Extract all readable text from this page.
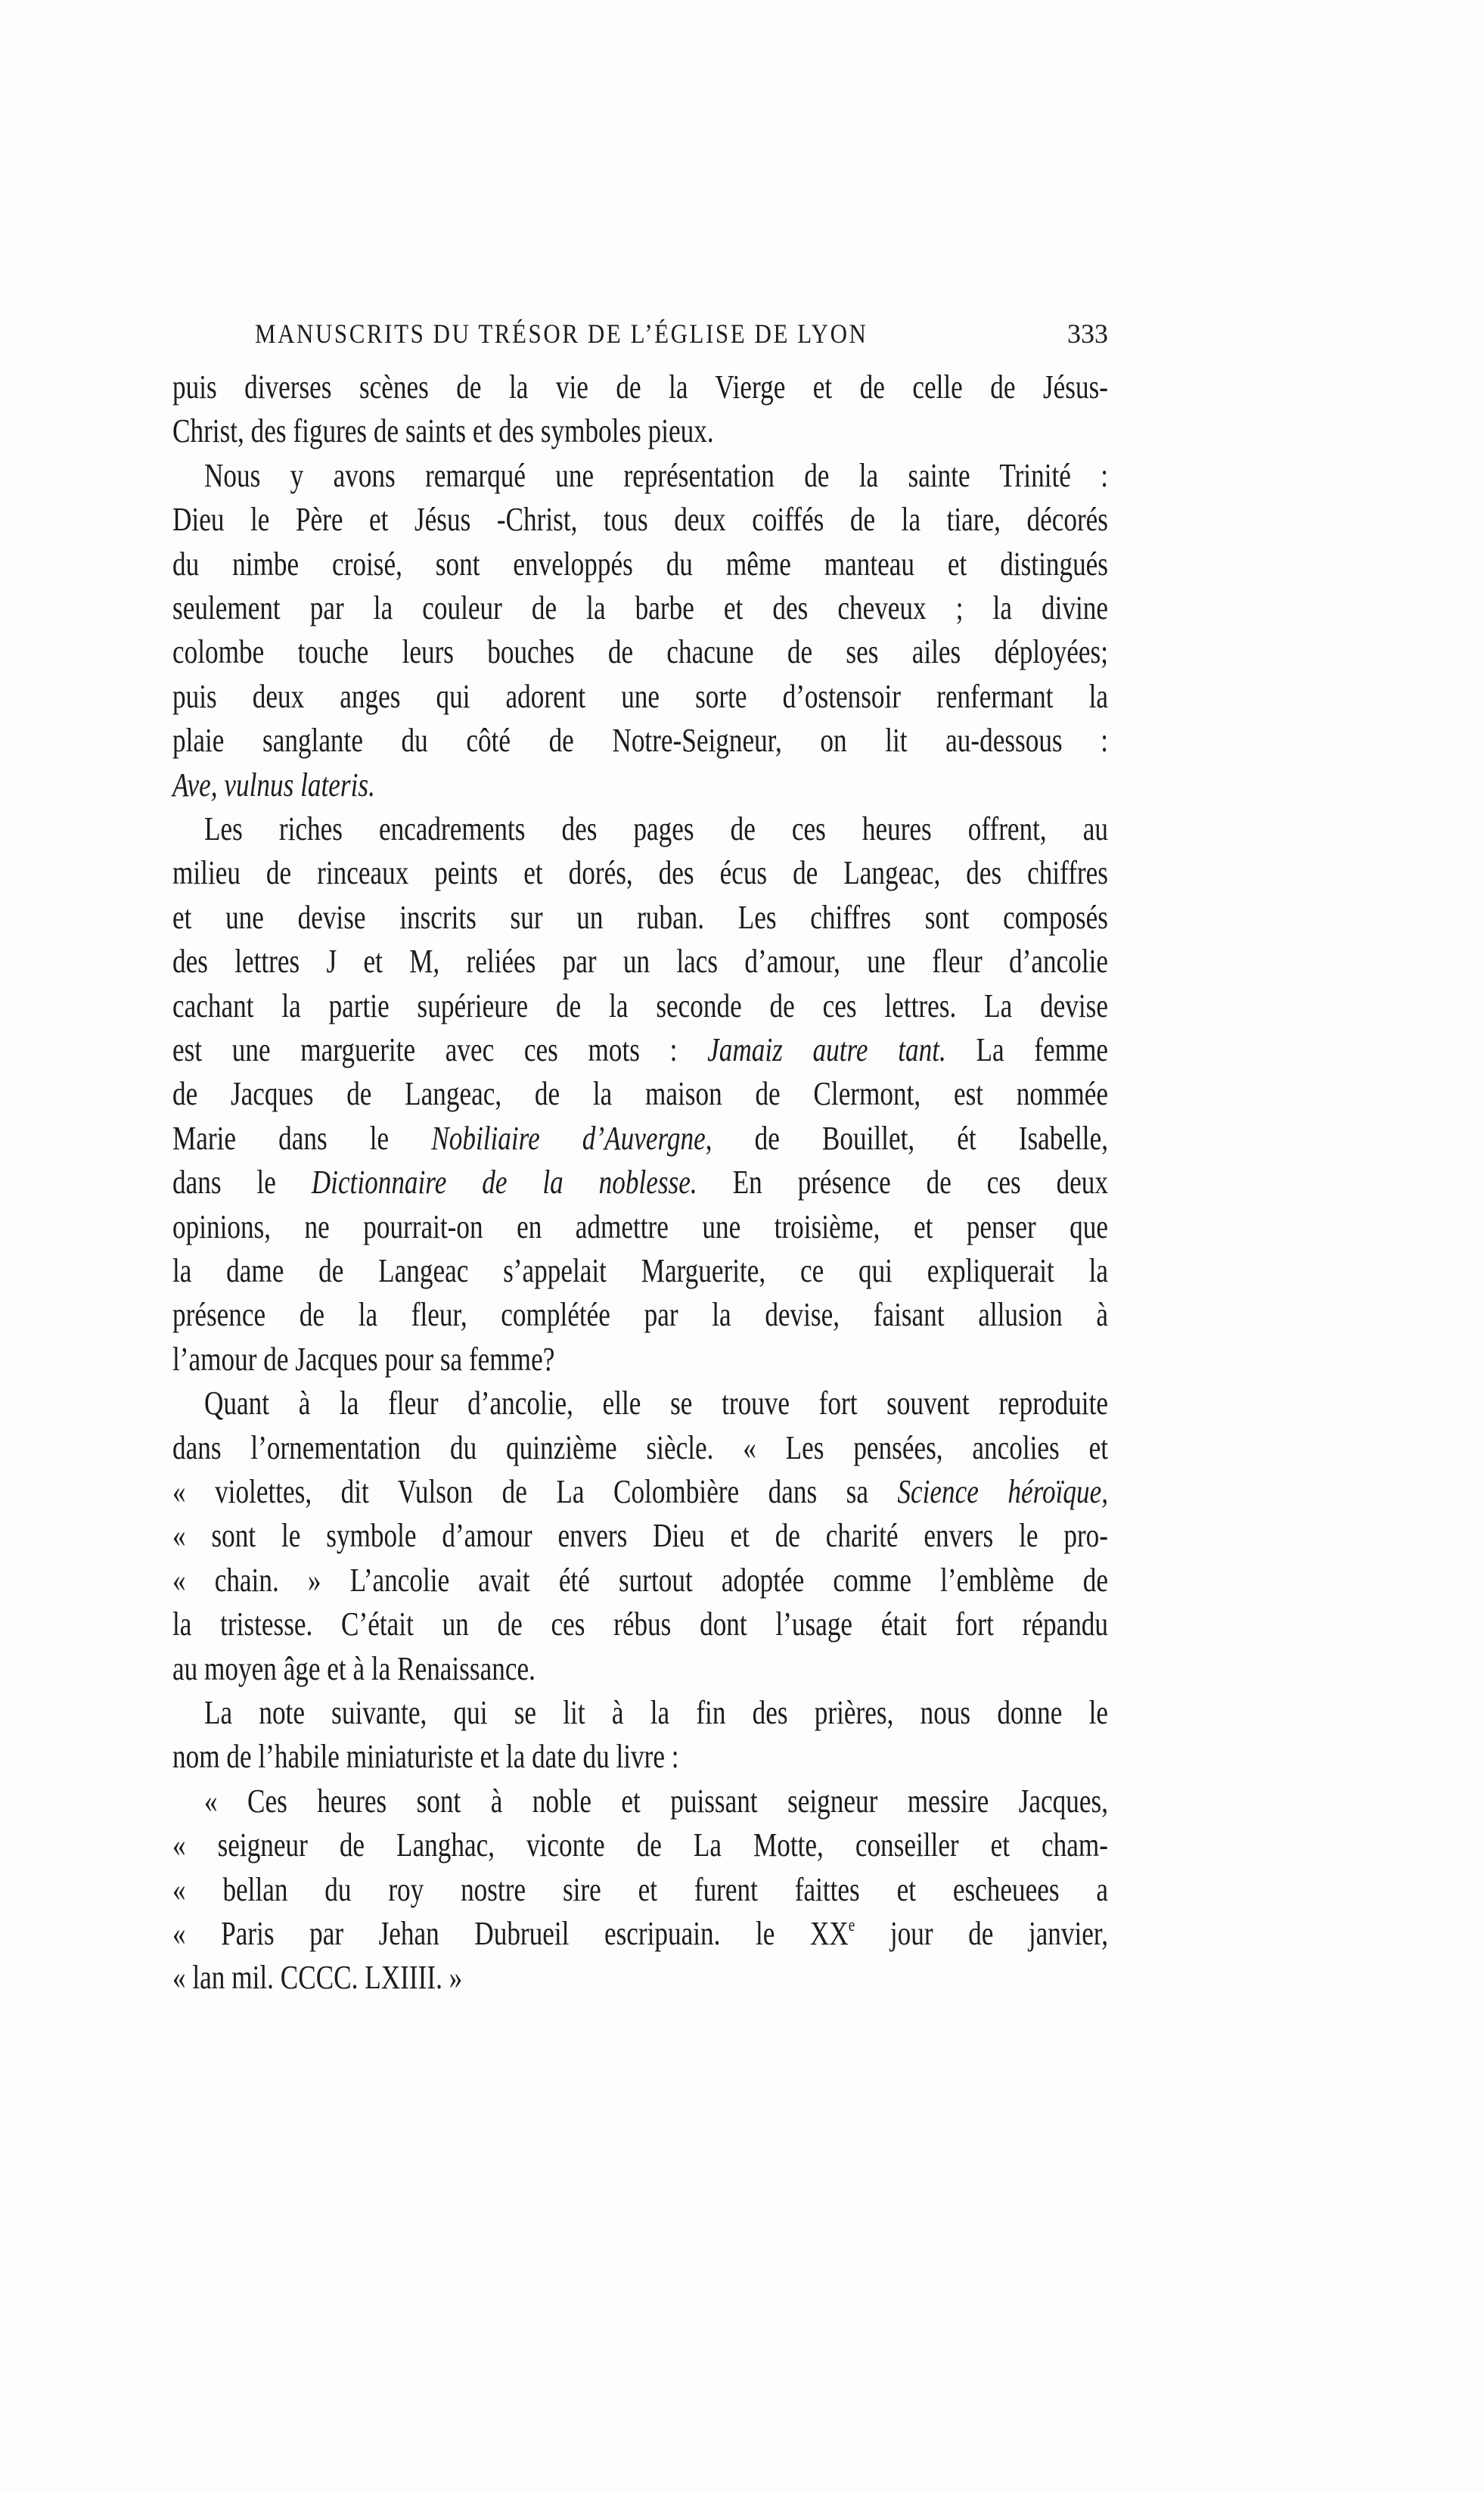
MANUSCRITS DU TRÉSOR DE L’ÉGLISE DE LYON	333
puis diverses scènes de la vie de la Vierge et de celle de Jésus-
Christ, des figures de saints et des symboles pieux.
Nous y avons remarqué une représentation de la sainte Trinité :
Dieu le Père et Jésus -Christ, tous deux coiffés de la tiare, décorés
du nimbe croisé, sont enveloppés du même manteau et distingués
seulement par la couleur de la barbe et des cheveux ; la divine
colombe touche leurs bouches de chacune de ses ailes déployées;
puis deux anges qui adorent une sorte d’ostensoir renfermant la
plaie sanglante du côté de Notre-Seigneur, on lit au-dessous :
Ave, vulnus lateris.
Les riches encadrements des pages de ces heures offrent, au
milieu de rinceaux peints et dorés, des écus de Langeac, des chiffres
et une devise inscrits sur un ruban. Les chiffres sont composés
des lettres J et M, reliées par un lacs d’amour, une fleur d’ancolie
cachant la partie supérieure de la seconde de ces lettres. La devise
est une marguerite avec ces mots : Jamaiz autre tant. La femme
de Jacques de Langeac, de la maison de Clermont, est nommée
Marie dans le Nobiliaire d’Auvergne, de Bouillet, ét Isabelle,
dans le Dictionnaire de la noblesse. En présence de ces deux
opinions, ne pourrait-on en admettre une troisième, et penser que
la dame de Langeac s’appelait Marguerite, ce qui expliquerait la
présence de la fleur, complétée par la devise, faisant allusion à
l’amour de Jacques pour sa femme?
Quant à la fleur d’ancolie, elle se trouve fort souvent reproduite
dans l’ornementation du quinzième siècle. « Les pensées, ancolies et
« violettes, dit Vulson de La Colombière dans sa Science héroïque,
« sont le symbole d’amour envers Dieu et de charité envers le pro-
« chain. » L’ancolie avait été surtout adoptée comme l’emblème de
la tristesse. C’était un de ces rébus dont l’usage était fort répandu
au moyen âge et à la Renaissance.
La note suivante, qui se lit à la fin des prières, nous donne le
nom de l’habile miniaturiste et la date du livre :
« Ces heures sont à noble et puissant seigneur messire Jacques,
« seigneur de Langhac, viconte de La Motte, conseiller et cham-
« bellan du roy nostre sire et furent faittes et escheuees a
« Paris par Jehan Dubrueil escripuain. le XXe jour de janvier,
« lan mil. CCCC. LXIIII. »
